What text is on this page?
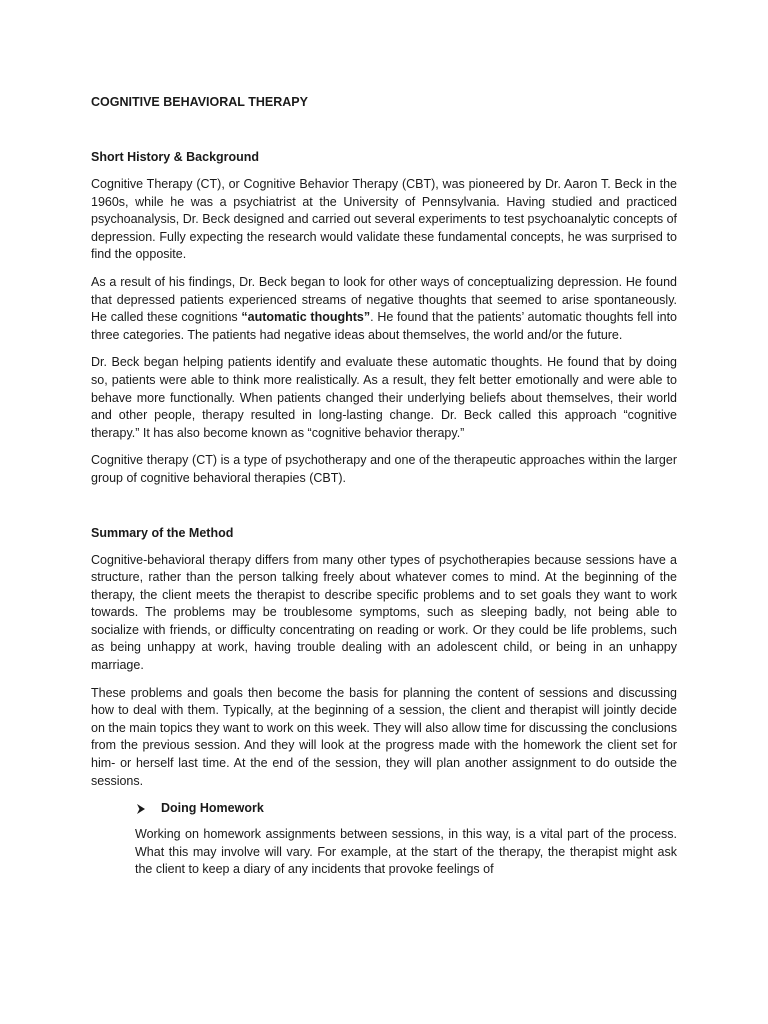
COGNITIVE BEHAVIORAL THERAPY
Short History & Background

Cognitive Therapy (CT), or Cognitive Behavior Therapy (CBT), was pioneered by Dr. Aaron T. Beck in the 1960s, while he was a psychiatrist at the University of Pennsylvania. Having studied and practiced psychoanalysis, Dr. Beck designed and carried out several experiments to test psychoanalytic concepts of depression. Fully expecting the research would validate these fundamental concepts, he was surprised to find the opposite.

As a result of his findings, Dr. Beck began to look for other ways of conceptualizing depression. He found that depressed patients experienced streams of negative thoughts that seemed to arise spontaneously. He called these cognitions “automatic thoughts”. He found that the patients’ automatic thoughts fell into three categories. The patients had negative ideas about themselves, the world and/or the future.

Dr. Beck began helping patients identify and evaluate these automatic thoughts. He found that by doing so, patients were able to think more realistically. As a result, they felt better emotionally and were able to behave more functionally. When patients changed their underlying beliefs about themselves, their world and other people, therapy resulted in long-lasting change. Dr. Beck called this approach “cognitive therapy.” It has also become known as “cognitive behavior therapy.”

Cognitive therapy (CT) is a type of psychotherapy and one of the therapeutic approaches within the larger group of cognitive behavioral therapies (CBT).

Summary of the Method

Cognitive-behavioral therapy differs from many other types of psychotherapies because sessions have a structure, rather than the person talking freely about whatever comes to mind. At the beginning of the therapy, the client meets the therapist to describe specific problems and to set goals they want to work towards. The problems may be troublesome symptoms, such as sleeping badly, not being able to socialize with friends, or difficulty concentrating on reading or work. Or they could be life problems, such as being unhappy at work, having trouble dealing with an adolescent child, or being in an unhappy marriage.

These problems and goals then become the basis for planning the content of sessions and discussing how to deal with them. Typically, at the beginning of a session, the client and therapist will jointly decide on the main topics they want to work on this week. They will also allow time for discussing the conclusions from the previous session. And they will look at the progress made with the homework the client set for him- or herself last time. At the end of the session, they will plan another assignment to do outside the sessions.

Doing Homework

Working on homework assignments between sessions, in this way, is a vital part of the process. What this may involve will vary. For example, at the start of the therapy, the therapist might ask the client to keep a diary of any incidents that provoke feelings of
